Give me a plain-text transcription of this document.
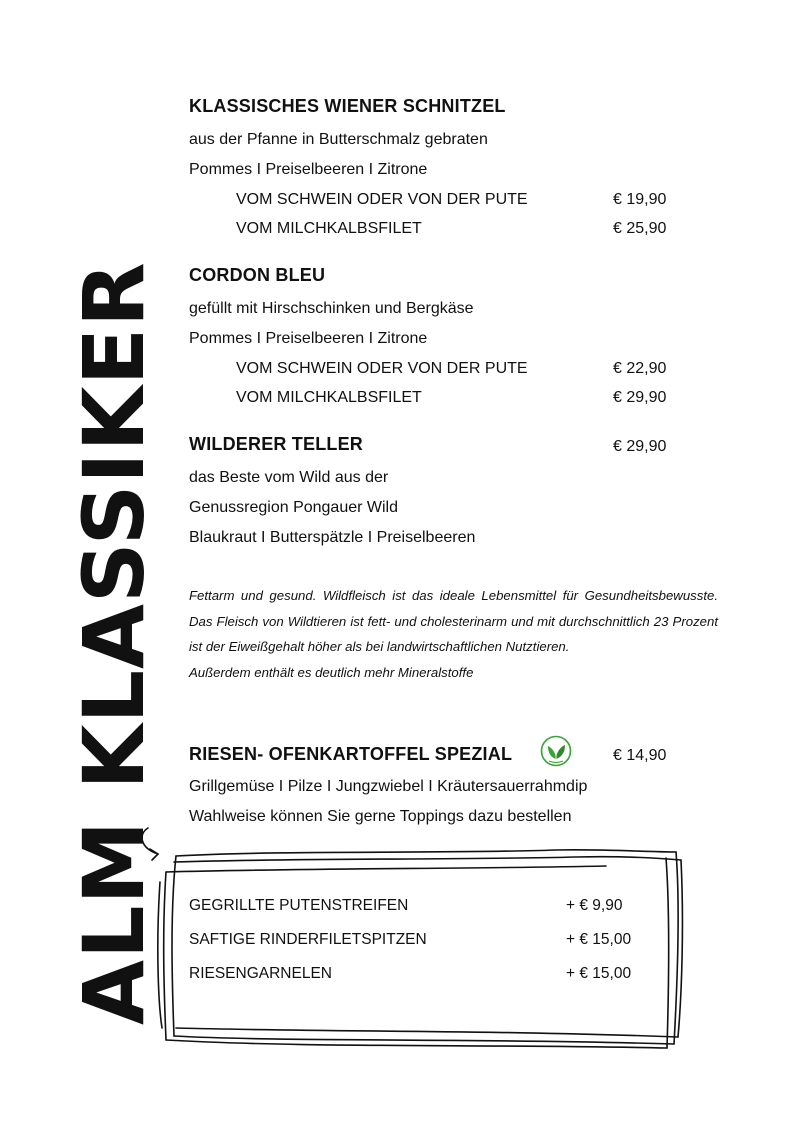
ALM KLASSIKER
KLASSISCHES WIENER SCHNITZEL
aus der Pfanne in Butterschmalz gebraten
Pommes I Preiselbeeren I Zitrone
VOM SCHWEIN ODER VON DER PUTE	€ 19,90
VOM MILCHKALBSFILET	€ 25,90
CORDON BLEU
gefüllt mit Hirschschinken und Bergkäse
Pommes I Preiselbeeren I Zitrone
VOM SCHWEIN ODER VON DER PUTE	€ 22,90
VOM MILCHKALBSFILET	€ 29,90
WILDERER TELLER	€ 29,90
das Beste vom Wild aus der
Genussregion Pongauer Wild
Blaukraut I Butterspätzle I Preiselbeeren

Fettarm und gesund. Wildfleisch ist das ideale Lebensmittel für Gesundheitsbewusste. Das Fleisch von Wildtieren ist fett- und cholesterinarm und mit durchschnittlich 23 Prozent ist der Eiweißgehalt höher als bei landwirtschaftlichen Nutztieren.

Außerdem enthält es deutlich mehr Mineralstoffe

RIESEN- OFENKARTOFFEL SPEZIAL	€ 14,90
Grillgemüse I Pilze I Jungzwiebel I Kräutersauerrahmdip
Wahlweise können Sie gerne Toppings dazu bestellen
GEGRILLTE PUTENSTREIFEN	+ € 9,90
SAFTIGE RINDERFILETSPITZEN	+ € 15,00
RIESENGARNELEN	+ € 15,00
